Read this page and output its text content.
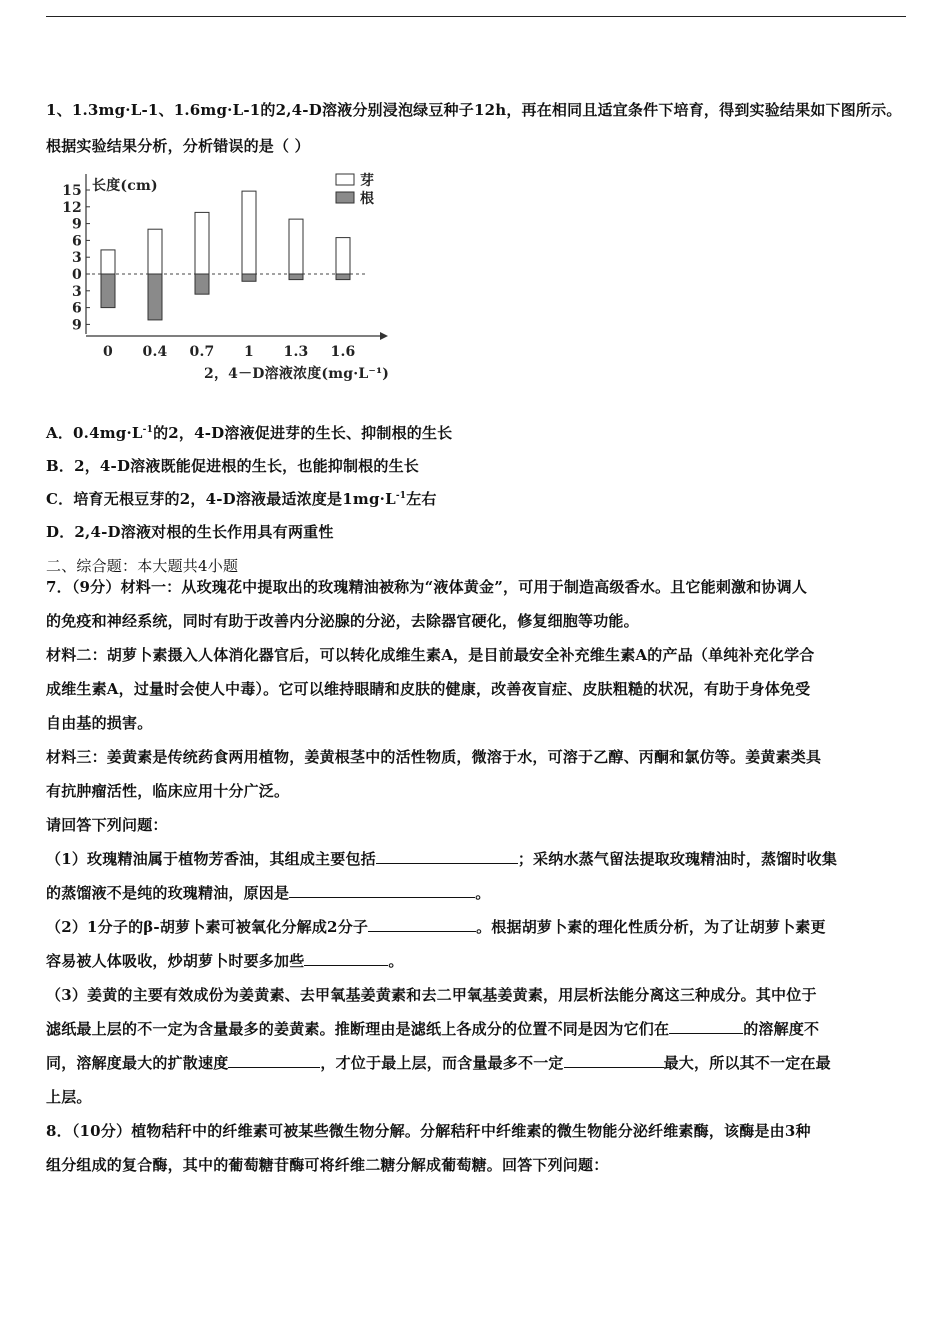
1、1.3mg·L-1、1.6mg·L-1的2,4-D溶液分别浸泡绿豆种子12h，再在相同且适宜条件下培育，得到实验结果如下图所示。
根据实验结果分析，分析错误的是（ ）
15
12
9
6
3
0
3
6
9
长度(cm)
0 0.4 0.7 1 1.3 1.6
2，4－D溶液浓度(mg·L⁻¹)
芽
根
A．$0.4mg\cdot L^{-1}$的2，4-D溶液促进芽的生长、抑制根的生长
B．2，4-D溶液既能促进根的生长，也能抑制根的生长
C．培育无根豆芽的2，4-D溶液最适浓度是$1mg\cdot L^{-1}$左右
D．2,4-D溶液对根的生长作用具有两重性
二、综合题：本大题共4小题
7．（9分）材料一：从玫瑰花中提取出的玫瑰精油被称为“液体黄金”，可用于制造高级香水。且它能刺激和协调人
的免疫和神经系统，同时有助于改善内分泌腺的分泌，去除器官硬化，修复细胞等功能。
材料二：胡萝卜素摄入人体消化器官后，可以转化成维生素A，是目前最安全补充维生素A的产品（单纯补充化学合
成维生素A，过量时会使人中毒）。它可以维持眼睛和皮肤的健康，改善夜盲症、皮肤粗糙的状况，有助于身体免受
自由基的损害。
材料三：姜黄素是传统药食两用植物，姜黄根茎中的活性物质，微溶于水，可溶于乙醇、丙酮和氯仿等。姜黄素类具
有抗肿瘤活性，临床应用十分广泛。
请回答下列问题：
（1）玫瑰精油属于植物芳香油，其组成主要包括	；采纳水蒸气留法提取玫瑰精油时，蒸馏时收集
的蒸馏液不是纯的玫瑰精油，原因是	。
（2）1分子的β-胡萝卜素可被氧化分解成2分子	。根据胡萝卜素的理化性质分析，为了让胡萝卜素更
容易被人体吸收，炒胡萝卜时要多加些	。
（3）姜黄的主要有效成份为姜黄素、去甲氧基姜黄素和去二甲氧基姜黄素，用层析法能分离这三种成分。其中位于
滤纸最上层的不一定为含量最多的姜黄素。推断理由是滤纸上各成分的位置不同是因为它们在	的溶解度不
同，溶解度最大的扩散速度	，才位于最上层，而含量最多不一定	最大，所以其不一定在最
上层。
8．（10分）植物秸秆中的纤维素可被某些微生物分解。分解秸秆中纤维素的微生物能分泌纤维素酶，该酶是由3种
组分组成的复合酶，其中的葡萄糖苷酶可将纤维二糖分解成葡萄糖。回答下列问题：
